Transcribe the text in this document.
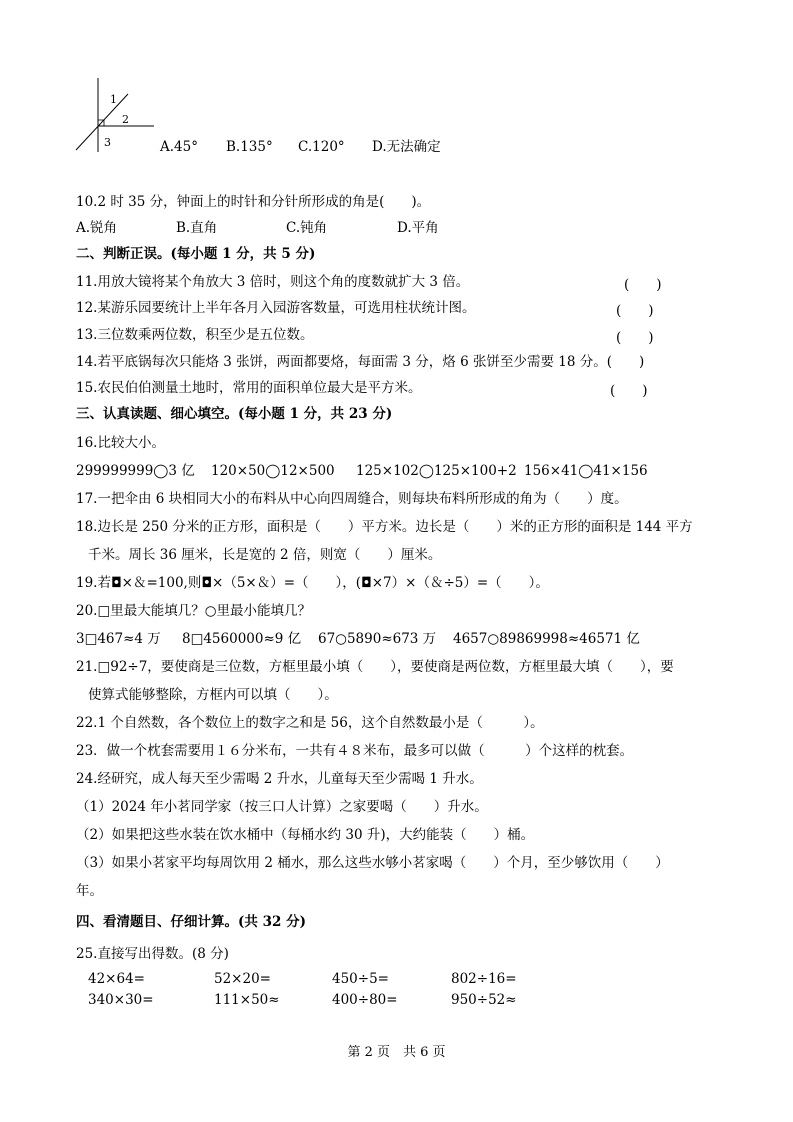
1
2
3	A.45° B.135° C.120° D.无法确定
10.2 时 35 分，钟面上的时针和分针所形成的角是(　　)。
A.锐角	B.直角	C.钝角	D.平角
二、判断正误。(每小题 1 分，共 5 分)
11.用放大镜将某个角放大 3 倍时，则这个角的度数就扩大 3 倍。	(　　)
12.某游乐园要统计上半年各月入园游客数量，可选用柱状统计图。	(　　)
13.三位数乘两位数，积至少是五位数。	(　　)
14.若平底锅每次只能烙 3 张饼，两面都要烙，每面需 3 分，烙 6 张饼至少需要 18 分。(　　)
15.农民伯伯测量土地时，常用的面积单位最大是平方米。	(　　)
三、认真读题、细心填空。(每小题 1 分，共 23 分)
16.比较大小。
299999999◯3 亿 120×50◯12×500 125×102◯125×100+2 156×41◯41×156
17.一把伞由 6 块相同大小的布料从中心向四周缝合，则每块布料所形成的角为（　　）度。
18.边长是 250 分米的正方形，面积是（　　）平方米。边长是（　　）米的正方形的面积是 144 平方
千米。周长 36 厘米，长是宽的 2 倍，则宽（　　）厘米。
19.若◘×＆=100,则◘×（5×＆）=（　　），(◘×7）×（＆÷5）=（　　）。
20.□里最大能填几？○里最小能填几？
3□467≈4 万 8□4560000≈9 亿 67○5890≈673 万 4657○89869998≈46571 亿
21.□92÷7，要使商是三位数，方框里最小填（　　），要使商是两位数，方框里最大填（　　），要
使算式能够整除，方框内可以填（　　）。
22.1 个自然数，各个数位上的数字之和是 56，这个自然数最小是（　　　）。
23．做一个枕套需要用１６分米布，一共有４８米布，最多可以做（　　　）个这样的枕套。
24.经研究，成人每天至少需喝 2 升水，儿童每天至少需喝 1 升水。
（1）2024 年小茗同学家（按三口人计算）之家要喝（　　）升水。
（2）如果把这些水装在饮水桶中（每桶水约 30 升)，大约能装（　　）桶。
（3）如果小茗家平均每周饮用 2 桶水，那么这些水够小茗家喝（　　）个月，至少够饮用（　　）
年。
四、看清题目、仔细计算。(共 32 分)
25.直接写出得数。(8 分)
42×64=	52×20=	450÷5=	802÷16=
340×30=	111×50≈	400÷80=	950÷52≈
第 2 页　共 6 页
